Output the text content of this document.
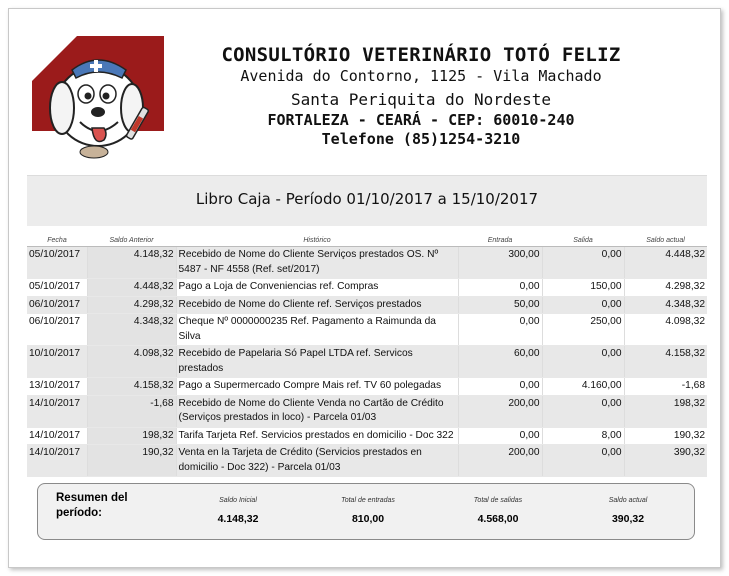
CONSULTÓRIO VETERINÁRIO TOTÓ FELIZ
Avenida do Contorno, 1125 - Vila Machado
Santa Periquita do Nordeste
FORTALEZA - CEARÁ - CEP: 60010-240
Telefone (85)1254-3210
Libro Caja - Período 01/10/2017 a 15/10/2017
Fecha	Saldo Anterior	Histórico	Entrada	Salida	Saldo actual
05/10/2017	4.148,32	Recebido de Nome do Cliente Serviços prestados OS. Nº 5487 - NF 4558 (Ref. set/2017)	300,00	0,00	4.448,32
05/10/2017	4.448,32	Pago a Loja de Conveniencias ref. Compras	0,00	150,00	4.298,32
06/10/2017	4.298,32	Recebido de Nome do Cliente ref. Serviços prestados	50,00	0,00	4.348,32
06/10/2017	4.348,32	Cheque Nº 0000000235 Ref. Pagamento a Raimunda da Silva	0,00	250,00	4.098,32
10/10/2017	4.098,32	Recebido de Papelaria Só Papel LTDA ref. Servicos prestados	60,00	0,00	4.158,32
13/10/2017	4.158,32	Pago a Supermercado Compre Mais ref. TV 60 polegadas	0,00	4.160,00	-1,68
14/10/2017	-1,68	Recebido de Nome do Cliente Venda no Cartão de Crédito (Serviços prestados in loco) - Parcela 01/03	200,00	0,00	198,32
14/10/2017	198,32	Tarifa Tarjeta Ref. Servicios prestados en domicilio - Doc 322	0,00	8,00	190,32
14/10/2017	190,32	Venta en la Tarjeta de Crédito (Servicios prestados en domicilio - Doc 322) - Parcela 01/03	200,00	0,00	390,32
Resumen del período:
Saldo Inicial
4.148,32
Total de entradas
810,00
Total de salidas
4.568,00
Saldo actual
390,32
